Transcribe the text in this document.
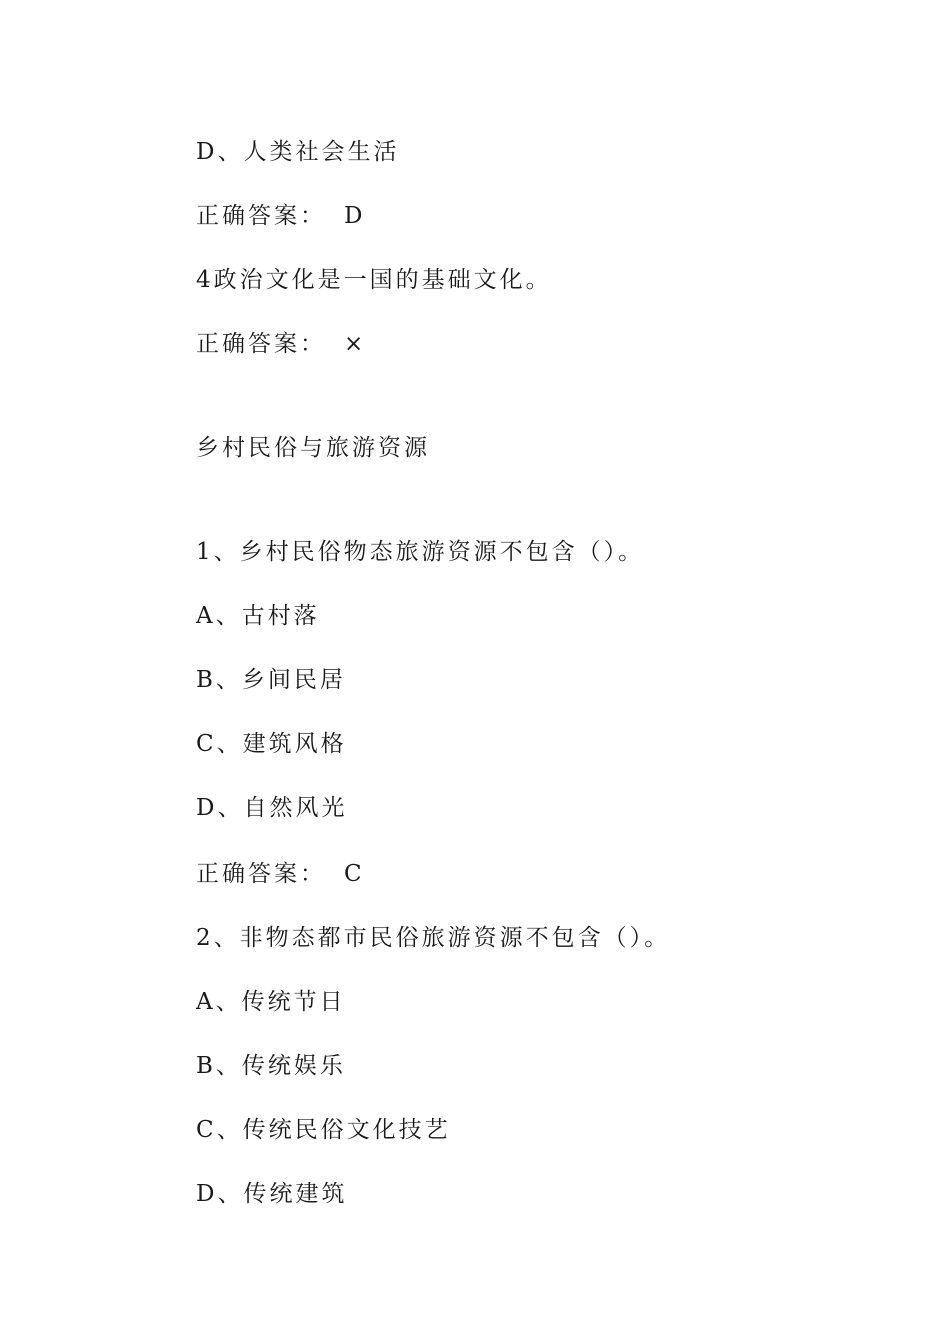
D、人类社会生活
正确答案： D
4政治文化是一国的基础文化。
正确答案： ×
乡村民俗与旅游资源
1、乡村民俗物态旅游资源不包含（）。
A、古村落
B、乡间民居
C、建筑风格
D、自然风光
正确答案： C
2、非物态都市民俗旅游资源不包含（）。
A、传统节日
B、传统娱乐
C、传统民俗文化技艺
D、传统建筑
